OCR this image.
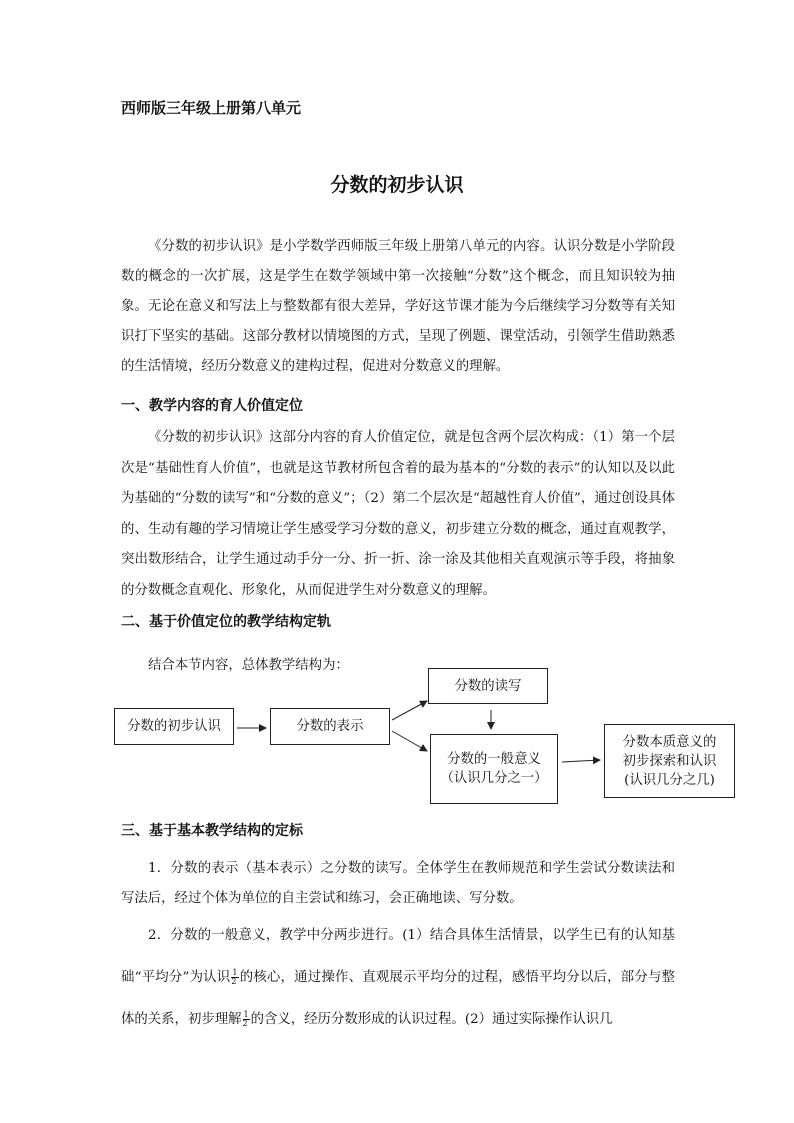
西师版三年级上册第八单元
分数的初步认识
《分数的初步认识》是小学数学西师版三年级上册第八单元的内容。认识分数是小学阶段数的概念的一次扩展，这是学生在数学领域中第一次接触“分数”这个概念，而且知识较为抽象。无论在意义和写法上与整数都有很大差异，学好这节课才能为今后继续学习分数等有关知识打下坚实的基础。这部分教材以情境图的方式，呈现了例题、课堂活动，引领学生借助熟悉的生活情境，经历分数意义的建构过程，促进对分数意义的理解。
一、教学内容的育人价值定位
《分数的初步认识》这部分内容的育人价值定位，就是包含两个层次构成：（1）第一个层次是“基础性育人价值”，也就是这节教材所包含着的最为基本的“分数的表示”的认知以及以此为基础的“分数的读写”和“分数的意义”；（2）第二个层次是“超越性育人价值”，通过创设具体的、生动有趣的学习情境让学生感受学习分数的意义，初步建立分数的概念，通过直观教学，突出数形结合，让学生通过动手分一分、折一折、涂一涂及其他相关直观演示等手段，将抽象的分数概念直观化、形象化，从而促进学生对分数意义的理解。
二、基于价值定位的教学结构定轨
结合本节内容，总体教学结构为：
分数的初步认识	分数的表示
分数的读写
分数的一般意义
（认识几分之一）
分数本质意义的
初步探索和认识
(认识几分之几)
三、基于基本教学结构的定标
1．分数的表示（基本表示）之分数的读写。全体学生在教师规范和学生尝试分数读法和写法后，经过个体为单位的自主尝试和练习，会正确地读、写分数。
2．分数的一般意义，教学中分两步进行。(1）结合具体生活情景，以学生已有的认知基础“平均分”为认识 $\frac{1}{2}$ 的核心，通过操作、直观展示平均分的过程，感悟平均分以后，部分与整体的关系，初步理解 $\frac{1}{2}$ 的含义，经历分数形成的认识过程。(2）通过实际操作认识几
